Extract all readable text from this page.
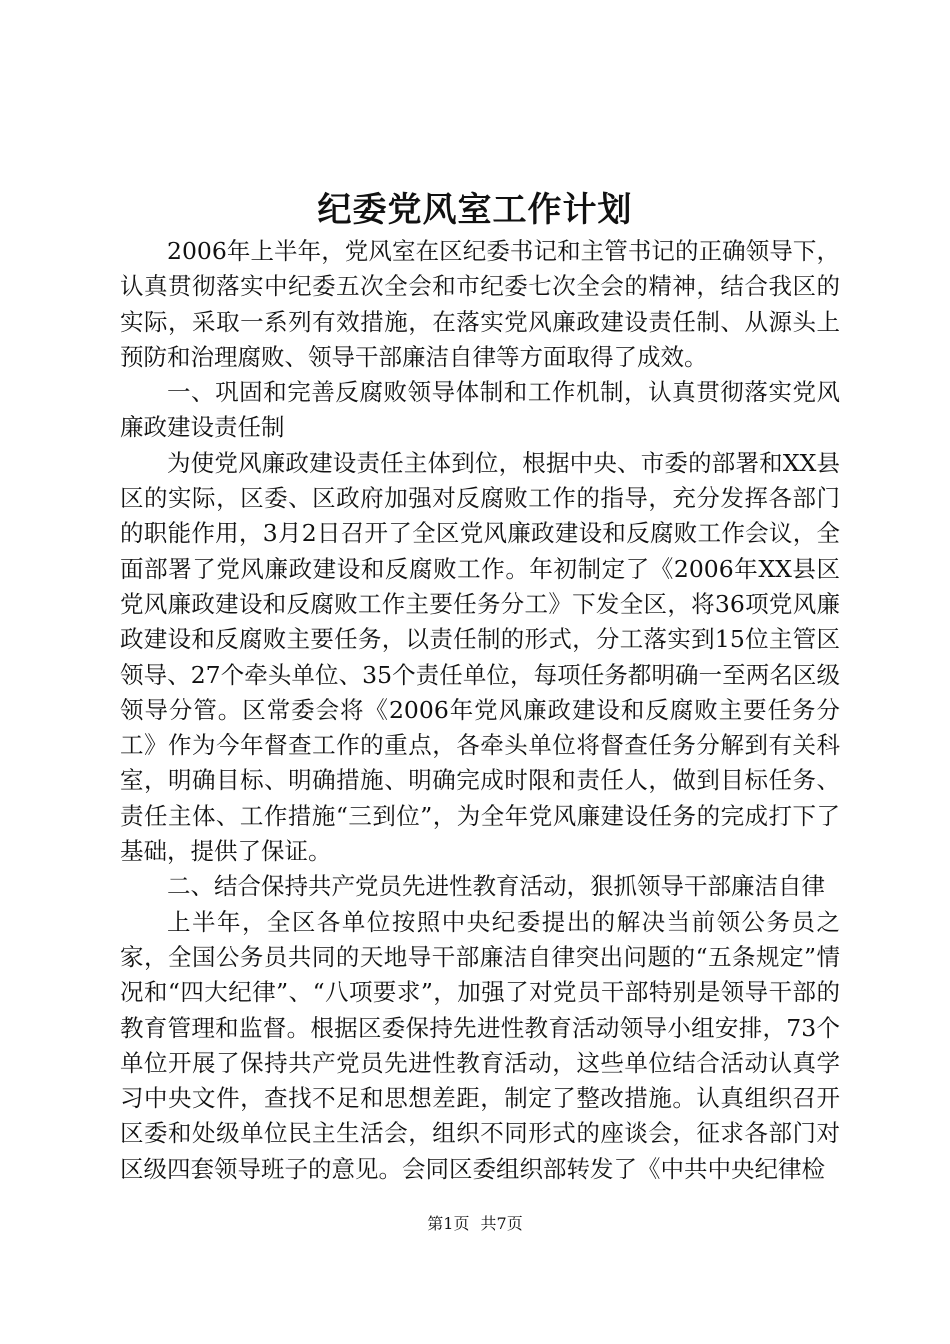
纪委党风室工作计划

2006年上半年，党风室在区纪委书记和主管书记的正确领导下，认真贯彻落实中纪委五次全会和市纪委七次全会的精神，结合我区的实际，采取一系列有效措施，在落实党风廉政建设责任制、从源头上预防和治理腐败、领导干部廉洁自律等方面取得了成效。

一、巩固和完善反腐败领导体制和工作机制，认真贯彻落实党风廉政建设责任制

为使党风廉政建设责任主体到位，根据中央、市委的部署和XX县区的实际，区委、区政府加强对反腐败工作的指导，充分发挥各部门的职能作用，3月2日召开了全区党风廉政建设和反腐败工作会议，全面部署了党风廉政建设和反腐败工作。年初制定了《2006年XX县区党风廉政建设和反腐败工作主要任务分工》下发全区，将36项党风廉政建设和反腐败主要任务，以责任制的形式，分工落实到15位主管区领导、27个牵头单位、35个责任单位，每项任务都明确一至两名区级领导分管。区常委会将《2006年党风廉政建设和反腐败主要任务分工》作为今年督查工作的重点，各牵头单位将督查任务分解到有关科室，明确目标、明确措施、明确完成时限和责任人，做到目标任务、责任主体、工作措施“三到位”，为全年党风廉建设任务的完成打下了基础，提供了保证。

二、结合保持共产党员先进性教育活动，狠抓领导干部廉洁自律

上半年，全区各单位按照中央纪委提出的解决当前领公务员之家，全国公务员共同的天地导干部廉洁自律突出问题的“五条规定”情况和“四大纪律”、“八项要求”，加强了对党员干部特别是领导干部的教育管理和监督。根据区委保持先进性教育活动领导小组安排，73个单位开展了保持共产党员先进性教育活动，这些单位结合活动认真学习中央文件，查找不足和思想差距，制定了整改措施。认真组织召开区委和处级单位民主生活会，组织不同形式的座谈会，征求各部门对区级四套领导班子的意见。会同区委组织部转发了《中共中央纪律检

第1页 共7页
